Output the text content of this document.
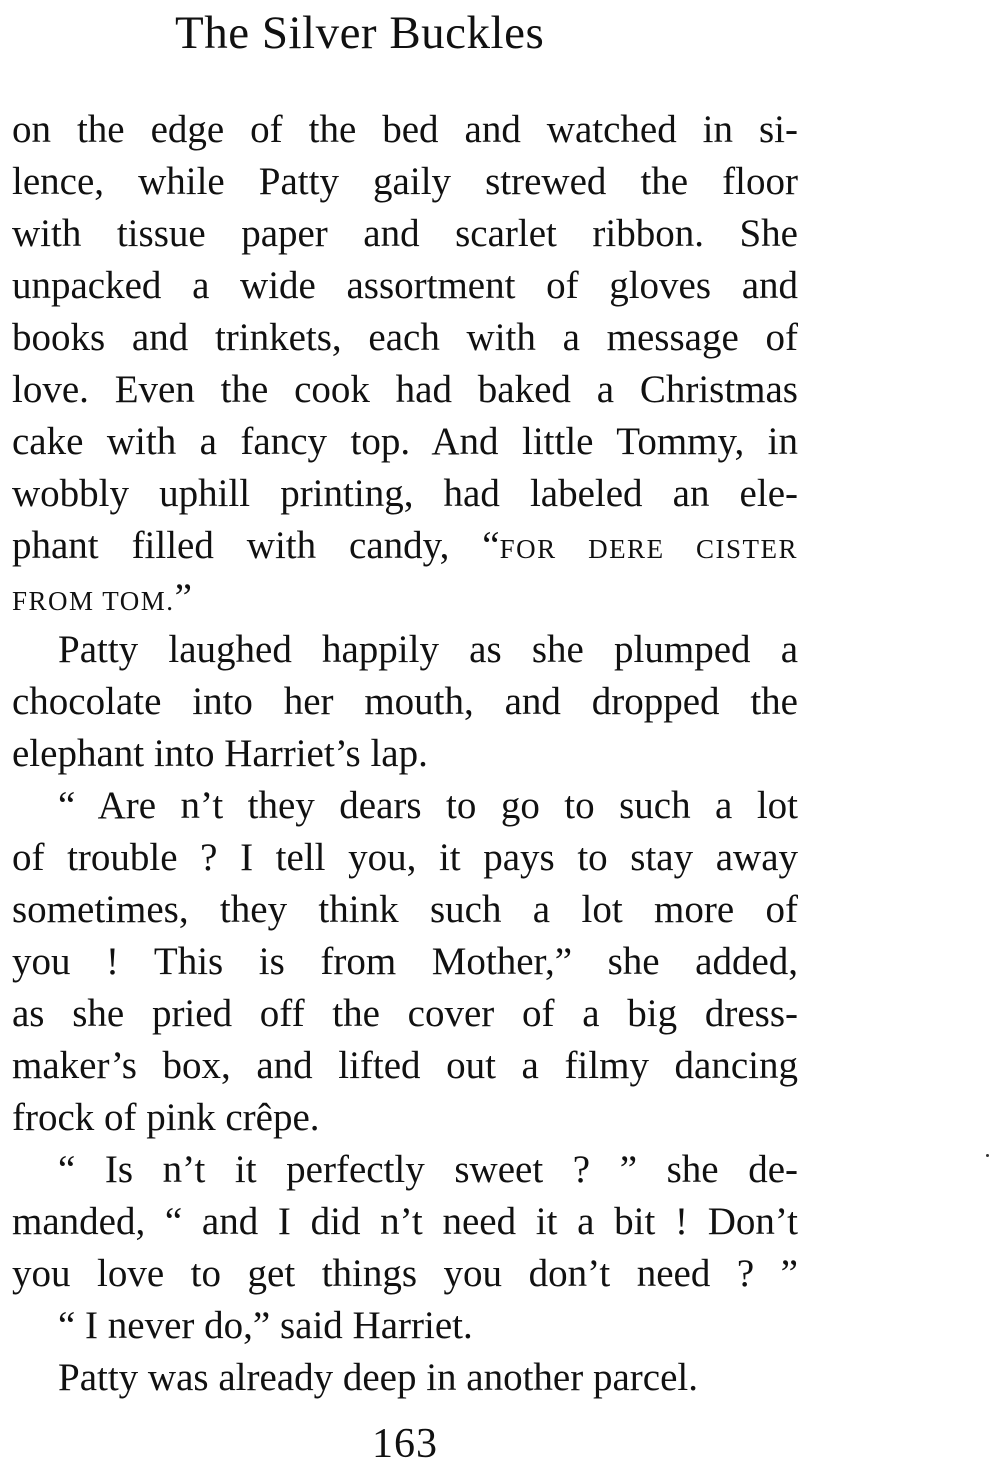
The Silver Buckles
on the edge of the bed and watched in si-
lence, while Patty gaily strewed the floor
with tissue paper and scarlet ribbon. She
unpacked a wide assortment of gloves and
books and trinkets, each with a message of
love. Even the cook had baked a Christmas
cake with a fancy top. And little Tommy, in
wobbly uphill printing, had labeled an ele-
phant filled with candy, “FOR DERE CISTER
FROM TOM.”
Patty laughed happily as she plumped a
chocolate into her mouth, and dropped the
elephant into Harriet’s lap.
“ Are n’t they dears to go to such a lot
of trouble ? I tell you, it pays to stay away
sometimes, they think such a lot more of
you ! This is from Mother,” she added,
as she pried off the cover of a big dress-
maker’s box, and lifted out a filmy dancing
frock of pink crêpe.
“ Is n’t it perfectly sweet ? ” she de-
manded, “ and I did n’t need it a bit ! Don’t
you love to get things you don’t need ? ”
“ I never do,” said Harriet.
Patty was already deep in another parcel.
163
